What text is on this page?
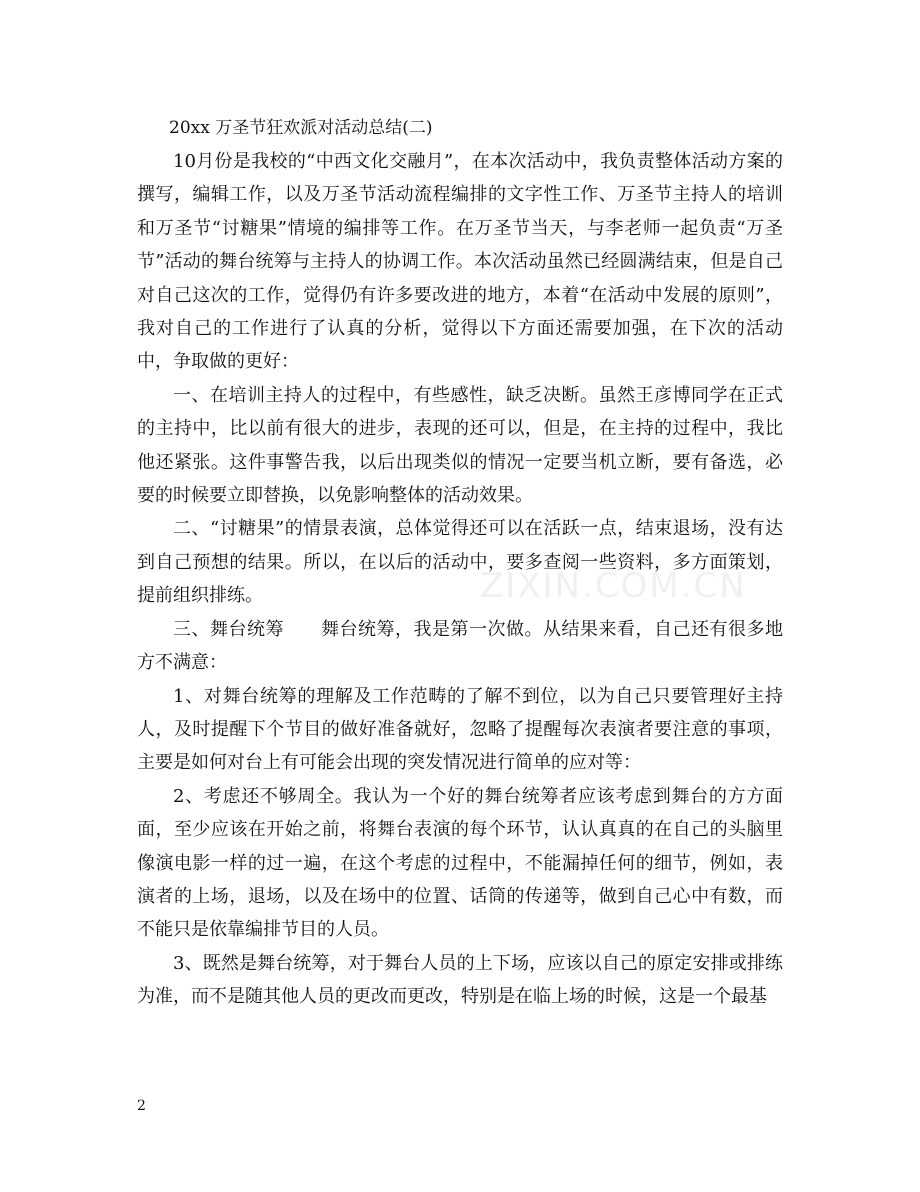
20xx 万圣节狂欢派对活动总结(二)

10月份是我校的“中西文化交融月”，在本次活动中，我负责整体活动方案的撰写，编辑工作，以及万圣节活动流程编排的文字性工作、万圣节主持人的培训和万圣节“讨糖果”情境的编排等工作。在万圣节当天，与李老师一起负责“万圣节”活动的舞台统筹与主持人的协调工作。本次活动虽然已经圆满结束，但是自己对自己这次的工作，觉得仍有许多要改进的地方，本着“在活动中发展的原则”，我对自己的工作进行了认真的分析，觉得以下方面还需要加强，在下次的活动中，争取做的更好：

一、在培训主持人的过程中，有些感性，缺乏决断。虽然王彦博同学在正式的主持中，比以前有很大的进步，表现的还可以，但是，在主持的过程中，我比他还紧张。这件事警告我，以后出现类似的情况一定要当机立断，要有备选，必要的时候要立即替换，以免影响整体的活动效果。

二、“讨糖果”的情景表演，总体觉得还可以在活跃一点，结束退场，没有达到自己预想的结果。所以，在以后的活动中，要多查阅一些资料，多方面策划，提前组织排练。

三、舞台统筹　　舞台统筹，我是第一次做。从结果来看，自己还有很多地方不满意：

1、对舞台统筹的理解及工作范畴的了解不到位，以为自己只要管理好主持人，及时提醒下个节目的做好准备就好，忽略了提醒每次表演者要注意的事项，主要是如何对台上有可能会出现的突发情况进行简单的应对等：

2、考虑还不够周全。我认为一个好的舞台统筹者应该考虑到舞台的方方面面，至少应该在开始之前，将舞台表演的每个环节，认认真真的在自己的头脑里像演电影一样的过一遍，在这个考虑的过程中，不能漏掉任何的细节，例如，表演者的上场，退场，以及在场中的位置、话筒的传递等，做到自己心中有数，而不能只是依靠编排节目的人员。

3、既然是舞台统筹，对于舞台人员的上下场，应该以自己的原定安排或排练为准，而不是随其他人员的更改而更改，特别是在临上场的时候，这是一个最基

ZIXIN.COM.CN
2
